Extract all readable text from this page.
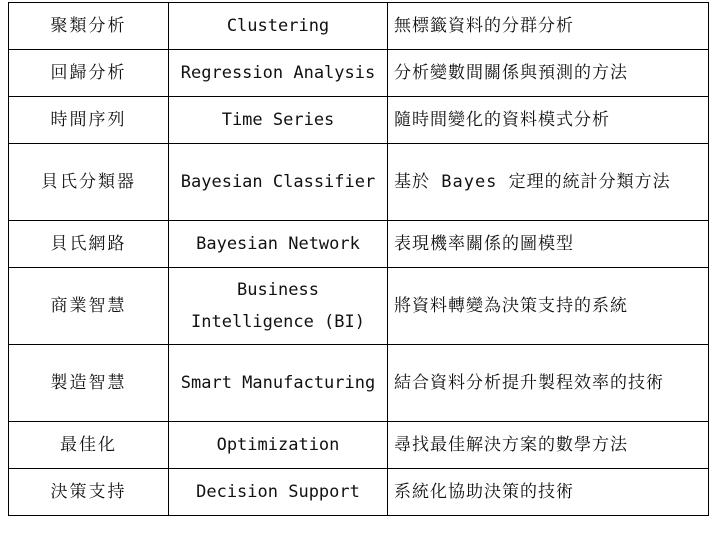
聚類分析	Clustering	無標籤資料的分群分析
回歸分析	Regression Analysis	分析變數間關係與預測的方法
時間序列	Time Series	隨時間變化的資料模式分析
貝氏分類器	Bayesian Classifier	基於 Bayes 定理的統計分類方法
貝氏網路	Bayesian Network	表現機率關係的圖模型
商業智慧	Business Intelligence (BI)	將資料轉變為決策支持的系統
製造智慧	Smart Manufacturing	結合資料分析提升製程效率的技術
最佳化	Optimization	尋找最佳解決方案的數學方法
決策支持	Decision Support	系統化協助決策的技術
